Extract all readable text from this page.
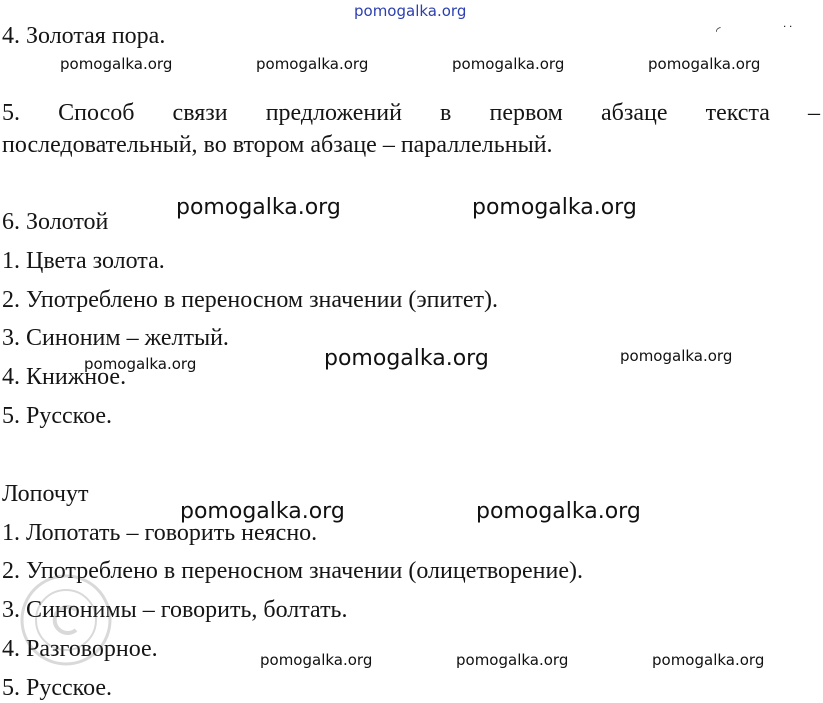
4. Золотая пора.

5. Способ связи предложений в первом абзаце текста –

последовательный, во втором абзаце – параллельный.

6. Золотой

1. Цвета золота.

2. Употреблено в переносном значении (эпитет).

3. Синоним – желтый.

4. Книжное.

5. Русское.

Лопочут

1. Лопотать – говорить неясно.

2. Употреблено в переносном значении (олицетворение).

3. Синонимы – говорить, болтать.

4. Разговорное.

5. Русское.

◜                ˙˙
pomogalka.org
pomogalka.org	pomogalka.org	pomogalka.org	pomogalka.org
pomogalka.org	pomogalka.org
pomogalka.org	pomogalka.org	pomogalka.org
pomogalka.org	pomogalka.org
pomogalka.org	pomogalka.org	pomogalka.org
